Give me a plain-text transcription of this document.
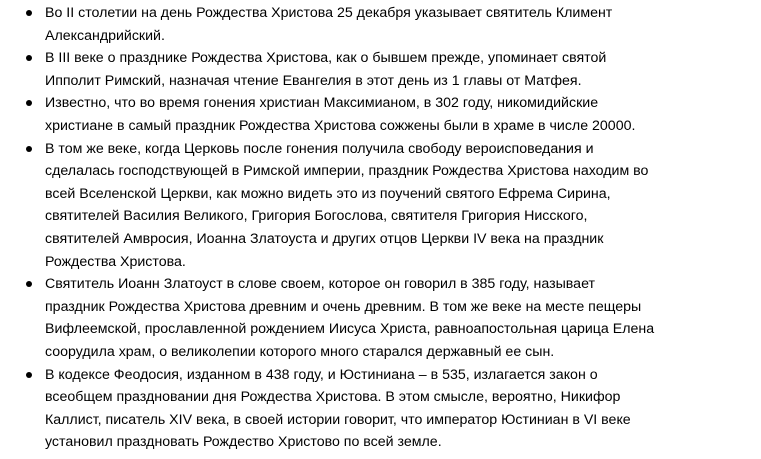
Во II столетии на день Рождества Христова 25 декабря указывает святитель Климент
Александрийский.
В III веке о празднике Рождества Христова, как о бывшем прежде, упоминает святой
Ипполит Римский, назначая чтение Евангелия в этот день из 1 главы от Матфея.
Известно, что во время гонения христиан Максимианом, в 302 году, никомидийские
христиане в самый праздник Рождества Христова сожжены были в храме в числе 20000.
В том же веке, когда Церковь после гонения получила свободу вероисповедания и
сделалась господствующей в Римской империи, праздник Рождества Христова находим во
всей Вселенской Церкви, как можно видеть это из поучений святого Ефрема Сирина,
святителей Василия Великого, Григория Богослова, святителя Григория Нисского,
святителей Амвросия, Иоанна Златоуста и других отцов Церкви IV века на праздник
Рождества Христова.
Святитель Иоанн Златоуст в слове своем, которое он говорил в 385 году, называет
праздник Рождества Христова древним и очень древним. В том же веке на месте пещеры
Вифлеемской, прославленной рождением Иисуса Христа, равноапостольная царица Елена
соорудила храм, о великолепии которого много старался державный ее сын.
В кодексе Феодосия, изданном в 438 году, и Юстиниана – в 535, излагается закон о
всеобщем праздновании дня Рождества Христова. В этом смысле, вероятно, Никифор
Каллист, писатель XIV века, в своей истории говорит, что император Юстиниан в VI веке
установил праздновать Рождество Христово по всей земле.
